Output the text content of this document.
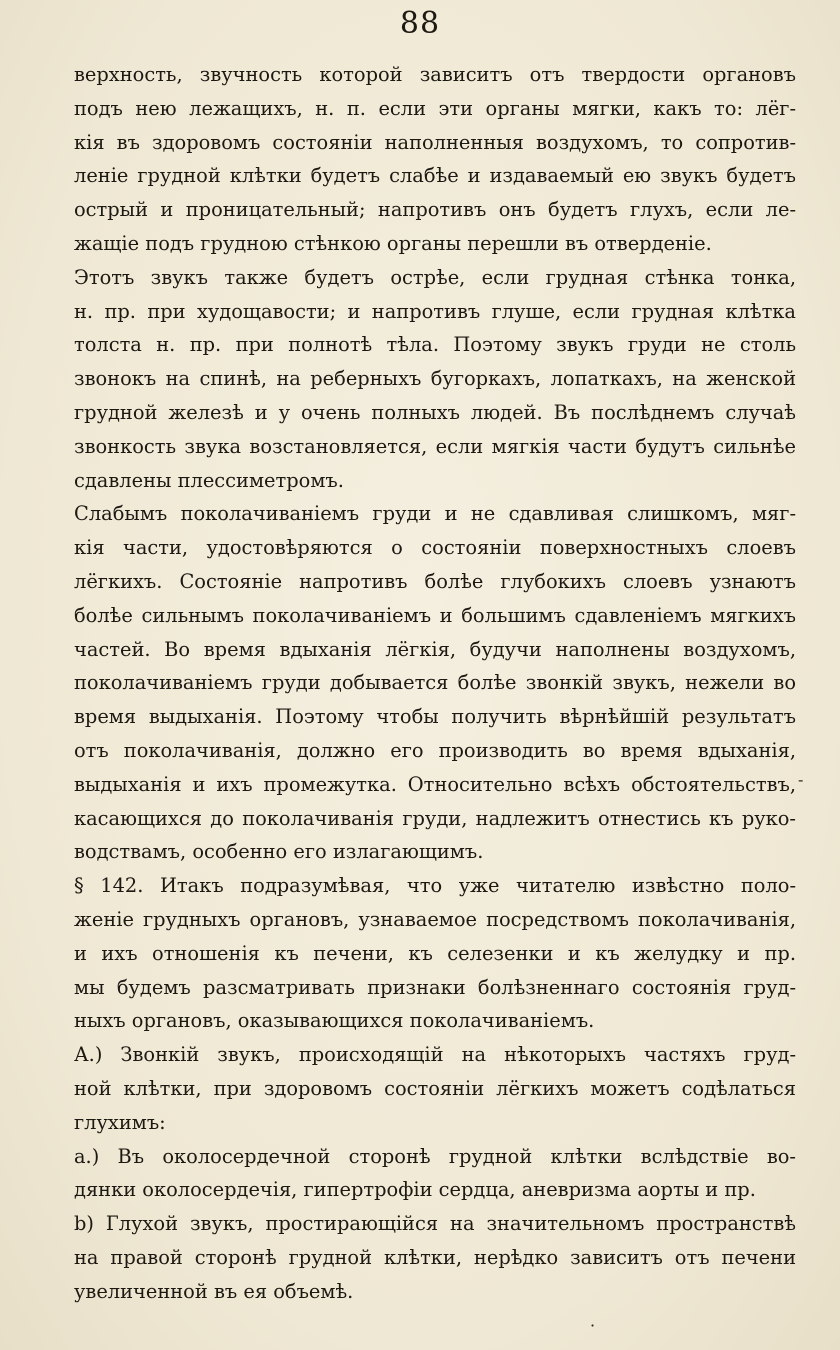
88
верхность, звучность которой зависитъ отъ твердости органовъ
подъ нею лежащихъ, н. п. если эти органы мягки, какъ то: лёг-
кія въ здоровомъ состояніи наполненныя воздухомъ, то сопротив-
леніе грудной клѣтки будетъ слабѣе и издаваемый ею звукъ будетъ
острый и проницательный; напротивъ онъ будетъ глухъ, если ле-
жащіе подъ грудною стѣнкою органы перешли въ отверденіе.
Этотъ звукъ также будетъ острѣе, если грудная стѣнка тонка,
н. пр. при худощавости; и напротивъ глуше, если грудная клѣтка
толста н. пр. при полнотѣ тѣла. Поэтому звукъ груди не столь
звонокъ на спинѣ, на реберныхъ бугоркахъ, лопаткахъ, на женской
грудной железѣ и у очень полныхъ людей. Въ послѣднемъ случаѣ
звонкость звука возстановляется, если мягкія части будутъ сильнѣе
сдавлены плессиметромъ.
Слабымъ поколачиваніемъ груди и не сдавливая слишкомъ, мяг-
кія части, удостовѣряются о состояніи поверхностныхъ слоевъ
лёгкихъ. Состояніе напротивъ болѣе глубокихъ слоевъ узнаютъ
болѣе сильнымъ поколачиваніемъ и большимъ сдавленіемъ мягкихъ
частей. Во время вдыханія лёгкія, будучи наполнены воздухомъ,
поколачиваніемъ груди добывается болѣе звонкій звукъ, нежели во
время выдыханія. Поэтому чтобы получить вѣрнѣйшій результатъ
отъ поколачиванія, должно его производить во время вдыханія,
выдыханія и ихъ промежутка. Относительно всѣхъ обстоятельствъ,
касающихся до поколачиванія груди, надлежитъ отнестись къ руко-
водствамъ, особенно его излагающимъ.
§ 142. Итакъ подразумѣвая, что уже читателю извѣстно поло-
женіе грудныхъ органовъ, узнаваемое посредствомъ поколачиванія,
и ихъ отношенія къ печени, къ селезенки и къ желудку и пр.
мы будемъ разсматривать признаки болѣзненнаго состоянія груд-
ныхъ органовъ, оказывающихся поколачиваніемъ.
А.) Звонкій звукъ, происходящій на нѣкоторыхъ частяхъ груд-
ной клѣтки, при здоровомъ состояніи лёгкихъ можетъ содѣлаться
глухимъ:
а.) Въ околосердечной сторонѣ грудной клѣтки вслѣдствіе во-
дянки околосердечія, гипертрофіи сердца, аневризма аорты и пр.
b) Глухой звукъ, простирающійся на значительномъ пространствѣ
на правой сторонѣ грудной клѣтки, нерѣдко зависитъ отъ печени
увеличенной въ ея объемѣ.
-
·
